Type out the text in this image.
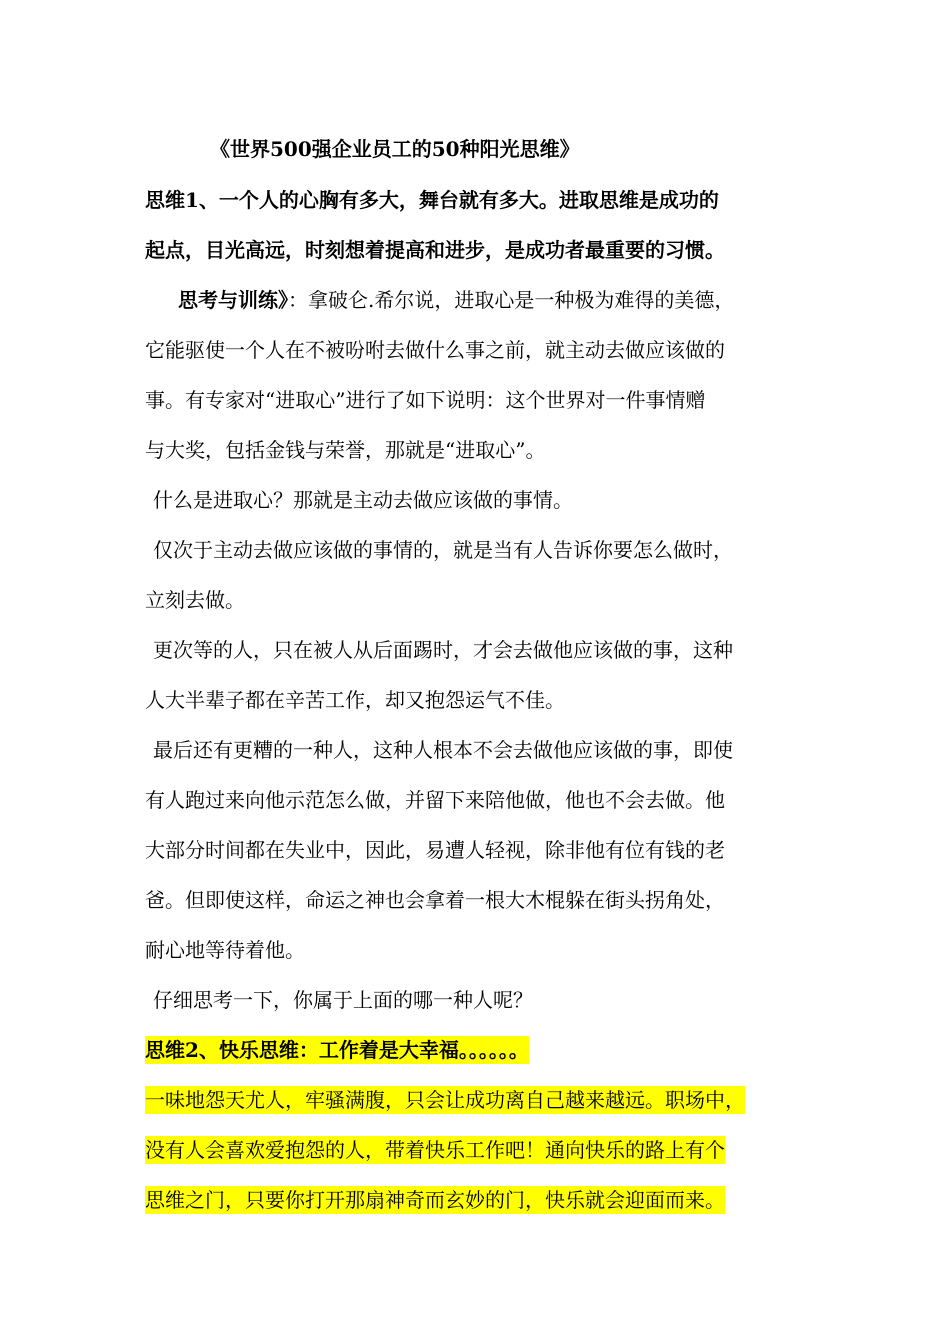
《世界500强企业员工的50种阳光思维》
思维1、一个人的心胸有多大，舞台就有多大。进取思维是成功的
起点，目光高远，时刻想着提高和进步，是成功者最重要的习惯。
思考与训练》：拿破仑.希尔说，进取心是一种极为难得的美德，
它能驱使一个人在不被吩咐去做什么事之前，就主动去做应该做的
事。有专家对“进取心”进行了如下说明：这个世界对一件事情赠
与大奖，包括金钱与荣誉，那就是“进取心”。
什么是进取心？那就是主动去做应该做的事情。
仅次于主动去做应该做的事情的，就是当有人告诉你要怎么做时，
立刻去做。
更次等的人，只在被人从后面踢时，才会去做他应该做的事，这种
人大半辈子都在辛苦工作，却又抱怨运气不佳。
最后还有更糟的一种人，这种人根本不会去做他应该做的事，即使
有人跑过来向他示范怎么做，并留下来陪他做，他也不会去做。他
大部分时间都在失业中，因此，易遭人轻视，除非他有位有钱的老
爸。但即使这样，命运之神也会拿着一根大木棍躲在街头拐角处，
耐心地等待着他。
仔细思考一下，你属于上面的哪一种人呢？
思维2、快乐思维：工作着是大幸福。。。。。。
一味地怨天尤人，牢骚满腹，只会让成功离自己越来越远。职场中，
没有人会喜欢爱抱怨的人，带着快乐工作吧！通向快乐的路上有个
思维之门，只要你打开那扇神奇而玄妙的门，快乐就会迎面而来。
